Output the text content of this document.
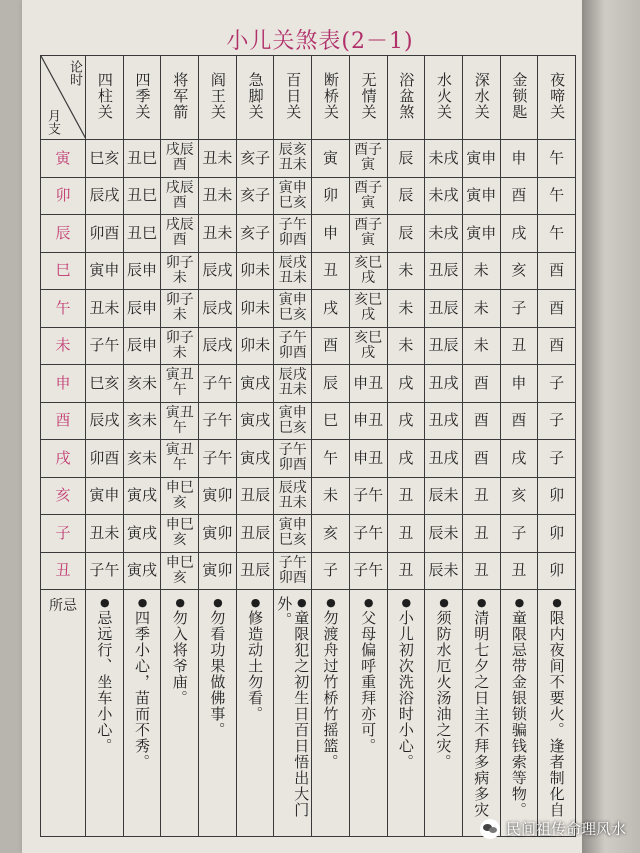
小儿关煞表(2－1)
论时
月支	四柱关	四季关	将军箭	阎王关	急脚关	百日关	断桥关	无情关	浴盆煞	水火关	深水关	金锁匙	夜啼关
寅	巳亥	丑巳	戌辰酉	丑未	亥子	辰亥丑未	寅	酉子寅	辰	未戌	寅申	申	午
卯	辰戌	丑巳	戌辰酉	丑未	亥子	寅申巳亥	卯	酉子寅	辰	未戌	寅申	酉	午
辰	卯酉	丑巳	戌辰酉	丑未	亥子	子午卯酉	申	酉子寅	辰	未戌	寅申	戌	午
巳	寅申	辰申	卯子未	辰戌	卯未	辰戌丑未	丑	亥巳戌	未	丑辰	未	亥	酉
午	丑未	辰申	卯子未	辰戌	卯未	寅申巳亥	戌	亥巳戌	未	丑辰	未	子	酉
未	子午	辰申	卯子未	辰戌	卯未	子午卯酉	酉	亥巳戌	未	丑辰	未	丑	酉
申	巳亥	亥未	寅丑午	子午	寅戌	辰戌丑未	辰	申丑	戌	丑戌	酉	申	子
酉	辰戌	亥未	寅丑午	子午	寅戌	寅申巳亥	巳	申丑	戌	丑戌	酉	酉	子
戌	卯酉	亥未	寅丑午	子午	寅戌	子午卯酉	午	申丑	戌	丑戌	酉	戌	子
亥	寅申	寅戌	申巳亥	寅卯	丑辰	辰戌丑未	未	子午	丑	辰未	丑	亥	卯
子	丑未	寅戌	申巳亥	寅卯	丑辰	寅申巳亥	亥	子午	丑	辰未	丑	子	卯
丑	子午	寅戌	申巳亥	寅卯	丑辰	子午卯酉	子	子午	丑	辰未	丑	丑	卯
所忌	●忌远行、坐车小心。	●四季小心，苗而不秀。	●勿入将爷庙。	●勿看功果做佛事。	●修造动土勿看。	●童限犯之初生日百日悟出大门外。	●勿渡舟过竹桥竹摇篮。	●父母偏呼重拜亦可。	●小儿初次洗浴时小心。	●须防水厄火汤油之灾。	●清明七夕之日主不拜多病多灾	●童限忌带金银锁骗钱索等物。	●限内夜间不要火。逢者制化自
民间祖传命理风水
